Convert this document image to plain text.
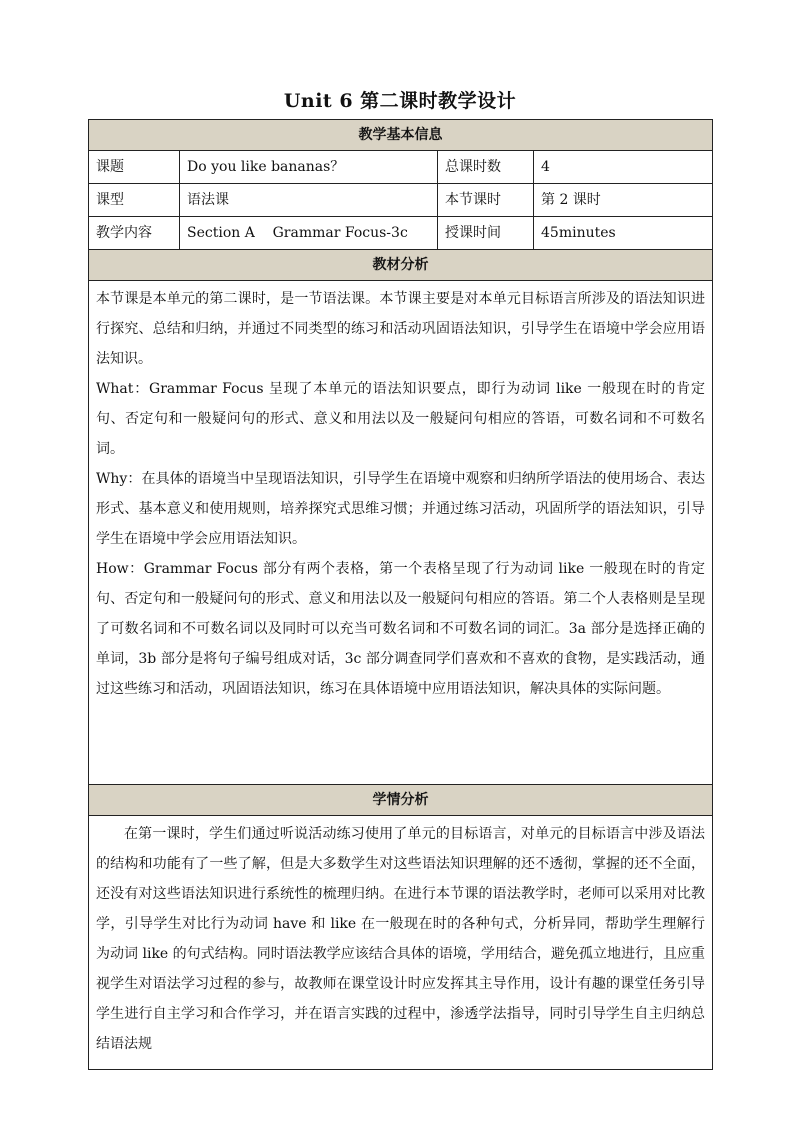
Unit 6 第二课时教学设计
教学基本信息			
课题	Do you like bananas？	总课时数	4
课型	语法课	本节课时	第 2 课时
教学内容	Section A    Grammar Focus-3c	授课时间	45minutes
教材分析			

本节课是本单元的第二课时，是一节语法课。本节课主要是对本单元目标语言所涉及的语法知识进行探究、总结和归纳，并通过不同类型的练习和活动巩固语法知识，引导学生在语境中学会应用语法知识。

What：Grammar Focus 呈现了本单元的语法知识要点，即行为动词 like 一般现在时的肯定句、否定句和一般疑问句的形式、意义和用法以及一般疑问句相应的答语，可数名词和不可数名词。

Why：在具体的语境当中呈现语法知识，引导学生在语境中观察和归纳所学语法的使用场合、表达形式、基本意义和使用规则，培养探究式思维习惯；并通过练习活动，巩固所学的语法知识，引导学生在语境中学会应用语法知识。

How：Grammar Focus 部分有两个表格，第一个表格呈现了行为动词 like 一般现在时的肯定句、否定句和一般疑问句的形式、意义和用法以及一般疑问句相应的答语。第二个人表格则是呈现了可数名词和不可数名词以及同时可以充当可数名词和不可数名词的词汇。3a 部分是选择正确的单词，3b 部分是将句子编号组成对话，3c 部分调查同学们喜欢和不喜欢的食物，是实践活动，通过这些练习和活动，巩固语法知识，练习在具体语境中应用语法知识，解决具体的实际问题。			

学情分析			

在第一课时，学生们通过听说活动练习使用了单元的目标语言，对单元的目标语言中涉及语法的结构和功能有了一些了解，但是大多数学生对这些语法知识理解的还不透彻，掌握的还不全面，还没有对这些语法知识进行系统性的梳理归纳。在进行本节课的语法教学时，老师可以采用对比教学，引导学生对比行为动词 have 和 like 在一般现在时的各种句式，分析异同，帮助学生理解行为动词 like 的句式结构。同时语法教学应该结合具体的语境，学用结合，避免孤立地进行，且应重视学生对语法学习过程的参与，故教师在课堂设计时应发挥其主导作用，设计有趣的课堂任务引导学生进行自主学习和合作学习，并在语言实践的过程中，渗透学法指导，同时引导学生自主归纳总结语法规			
